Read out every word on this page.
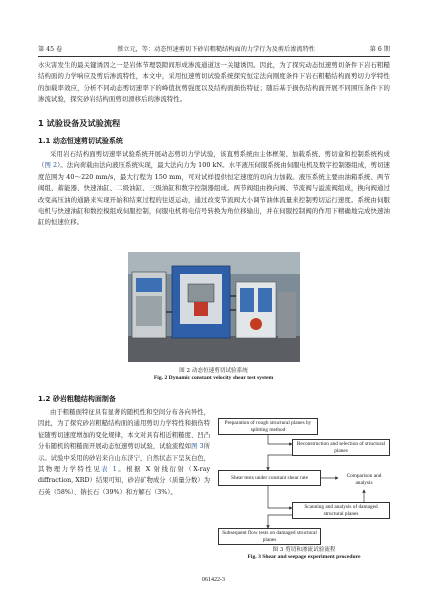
第 45 卷	蔡立元，等：动态恒速剪切下砂岩粗糙结构面的力学行为及剪后渗流特性	第 6 期
水灾害发生的最关键诱因之一是岩体节理裂隙间形成渗流通道这一关键诱因。因此，为了探究动态恒速剪切条件下岩石粗糙结构面的力学响应及剪后渗流特性，本文中，采用恒速剪切试验系统探究恒定法向刚度条件下岩石粗糙结构面剪切力学特性的加载率效应，分析不同动态剪切速率下的峰值抗剪强度以及结构面损伤特征；随后基于损伤结构面开展不同围压条件下的渗流试验，探究砂岩结构面剪切滑移后的渗流特性。
1 试验设备及试验流程
1.1 动态恒速剪切试验系统
采用岩石结构面剪切速率试验系统开展动态剪切力学试验，该直剪系统由主体框架、加载系统、剪切盒和控制系统构成（图 2）。法向荷载由法向液压系统实现，最大法向力为 100 kN。水平液压伺服系统由伺服电机及数字控制器组成，剪切速度范围为 40～220 mm/s，最大行程为 150 mm，可对试样提供恒定速度的切向力加载。液压系统主要由油箱系统、两节阀组、蓄能器、快速油缸、二级油缸、三级油缸和数字控制器组成。两节阀组由换向阀、节流阀与溢流阀组成，换向阀通过改变高压油的通路来实现开始和结束过程的往返运动，通过改变节流阀大小调节油体流量来控制剪切运行速度。系统由伺服电机与快速油缸和数控模组成伺服控制，伺服电机将电信号转换为角位移输出，并在伺服控制阀的作用下精确地完成快速油缸的恒速位移。
图 2 动态恒速剪切试验系统
Fig. 2 Dynamic constant velocity shear test system
1.2 砂岩粗糙结构面制备
由于粗糙面特征具有显著的随机性和空间分布各向异性，因此，为了探究砂岩粗糙结构面的通用剪切力学特性和损伤特征随剪切速度增加的变化规律，本文对具有相近粗糙度、凹凸分布随机的粗糙面开展动态恒速剪切试验，试验流程如图 3所示。试验中采用的砂岩来自山东济宁，自然状态下呈灰白色，其物理力学特性见表 1。根据 X 射线衍射（X-ray diffraction, XRD）结果可知，砂岩矿物成分（质量分数）为石英（58%）、钠长石（39%）和方解石（3%）。
Preparation of rough structural planes by splitting method
Reconstruction and selection of structural planes
Shear tests under constant shear rate	Comparison and analysis
Scanning and analysis of damaged structural planes
Subsequent flow tests on damaged structural planes
图 3 剪切和渗流试验流程
Fig. 3 Shear and seepage experiment procedure
061422-3
